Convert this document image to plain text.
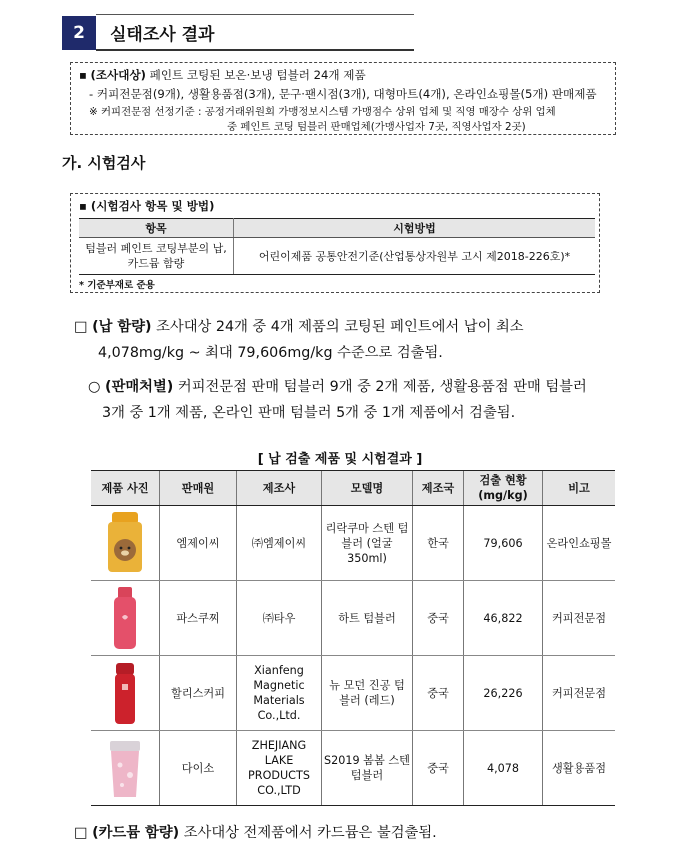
2	실태조사 결과
▪ (조사대상) 페인트 코팅된 보온·보냉 텀블러 24개 제품
- 커피전문점(9개), 생활용품점(3개), 문구·팬시점(3개), 대형마트(4개), 온라인쇼핑몰(5개) 판매제품
※ 커피전문점 선정기준 : 공정거래위원회 가맹정보시스템 가맹점수 상위 업체 및 직영 매장수 상위 업체
중 페인트 코팅 텀블러 판매업체(가맹사업자 7곳, 직영사업자 2곳)
가. 시험검사
▪ (시험검사 항목 및 방법)
항목	시험방법
텀블러 페인트 코팅부분의 납, 카드뮴 함량	어린이제품 공통안전기준(산업통상자원부 고시 제2018-226호)*
* 기준부재로 준용
□ (납 함량) 조사대상 24개 중 4개 제품의 코팅된 페인트에서 납이 최소
4,078mg/kg ~ 최대 79,606mg/kg 수준으로 검출됨.
○ (판매처별) 커피전문점 판매 텀블러 9개 중 2개 제품, 생활용품점 판매 텀블러
3개 중 1개 제품, 온라인 판매 텀블러 5개 중 1개 제품에서 검출됨.
[ 납 검출 제품 및 시험결과 ]
제품 사진	판매원	제조사	모델명	제조국	검출 현황 (mg/kg)	비고
	엠제이씨	㈜엠제이씨	리락쿠마 스텐 텀블러 (얼굴 350ml)	한국	79,606	온라인쇼핑몰
	파스쿠찌	㈜타우	하트 텀블러	중국	46,822	커피전문점
	할리스커피	Xianfeng Magnetic Materials Co.,Ltd.	뉴 모던 진공 텀블러 (레드)	중국	26,226	커피전문점
	다이소	ZHEJIANG LAKE PRODUCTS CO.,LTD	S2019 봄봄 스텐 텀블러	중국	4,078	생활용품점
□ (카드뮴 함량) 조사대상 전제품에서 카드뮴은 불검출됨.
